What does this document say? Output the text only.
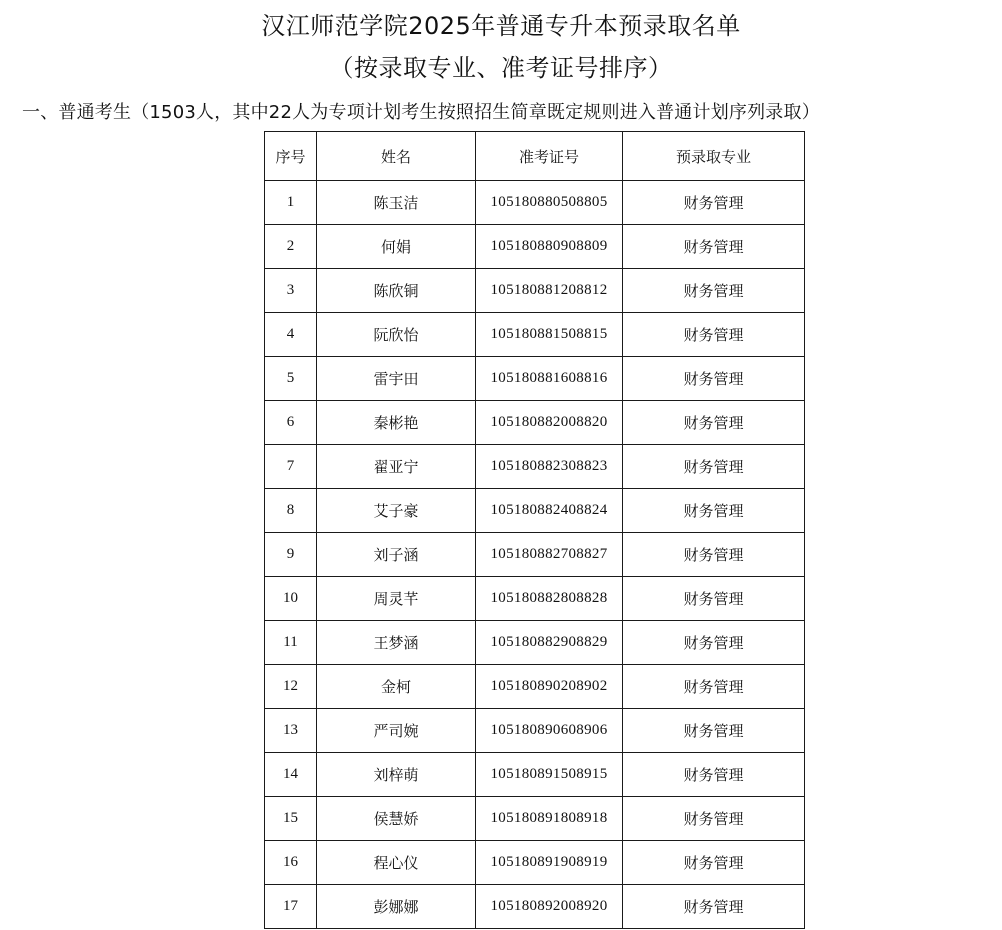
汉江师范学院2025年普通专升本预录取名单
（按录取专业、准考证号排序）
一、普通考生（1503人，其中22人为专项计划考生按照招生简章既定规则进入普通计划序列录取）
序号	姓名	准考证号	预录取专业
1	陈玉洁	105180880508805	财务管理
2	何娟	105180880908809	财务管理
3	陈欣铜	105180881208812	财务管理
4	阮欣怡	105180881508815	财务管理
5	雷宇田	105180881608816	财务管理
6	秦彬艳	105180882008820	财务管理
7	翟亚宁	105180882308823	财务管理
8	艾子豪	105180882408824	财务管理
9	刘子涵	105180882708827	财务管理
10	周灵芊	105180882808828	财务管理
11	王梦涵	105180882908829	财务管理
12	金柯	105180890208902	财务管理
13	严司婉	105180890608906	财务管理
14	刘梓萌	105180891508915	财务管理
15	侯慧娇	105180891808918	财务管理
16	程心仪	105180891908919	财务管理
17	彭娜娜	105180892008920	财务管理
